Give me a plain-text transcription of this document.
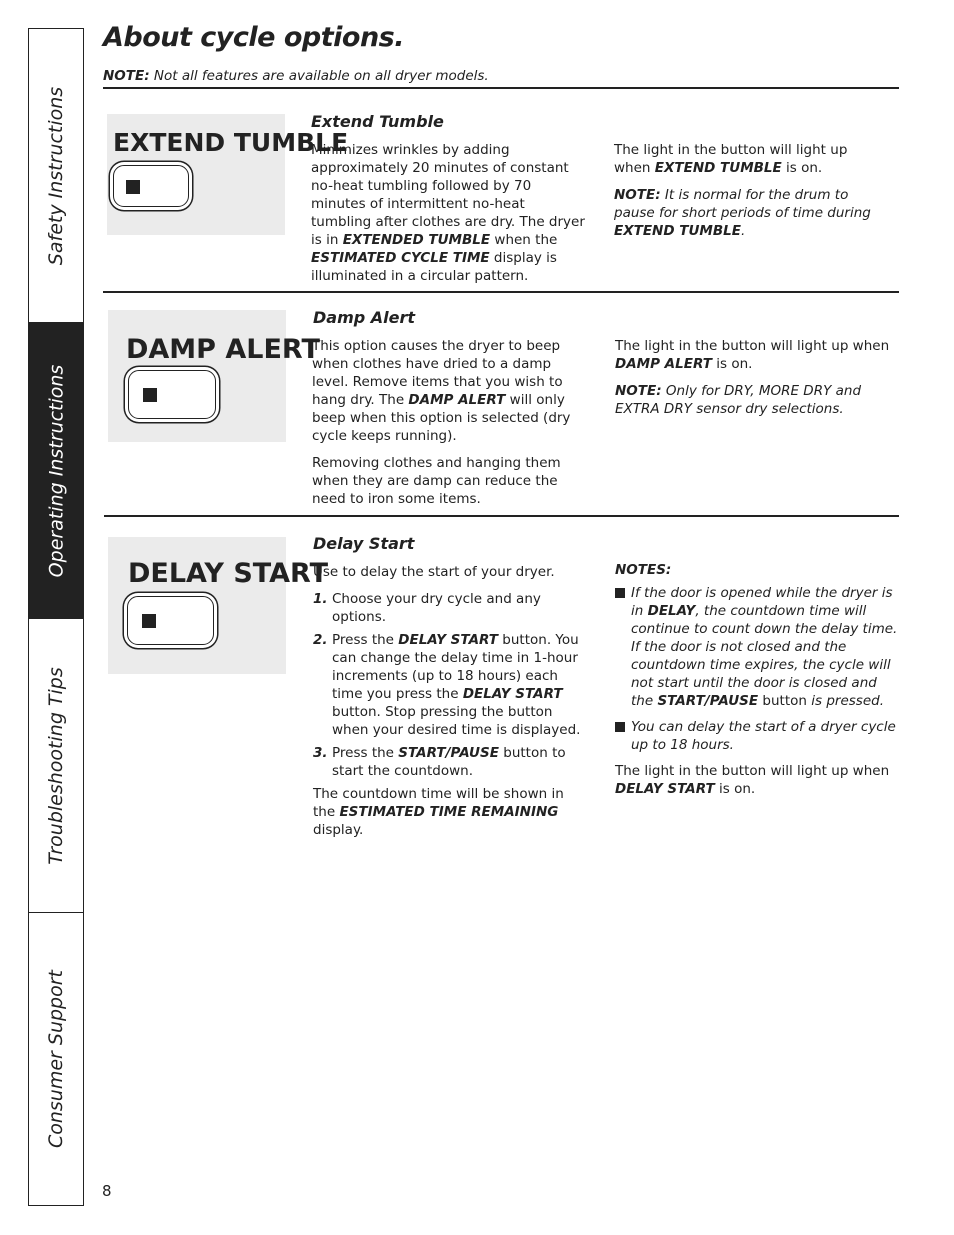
Safety Instructions
Operating Instructions
Troubleshooting Tips
Consumer Support
About cycle options.
NOTE: Not all features are available on all dryer models.
EXTEND TUMBLE
Extend Tumble

Minimizes wrinkles by adding approximately 20 minutes of constant no-heat tumbling followed by 70 minutes of intermittent no-heat tumbling after clothes are dry. The dryer is in EXTENDED TUMBLE when the ESTIMATED CYCLE TIME display is illuminated in a circular pattern.

The light in the button will light up when EXTEND TUMBLE is on.

NOTE: It is normal for the drum to pause for short periods of time during EXTEND TUMBLE.

DAMP ALERT
Damp Alert

This option causes the dryer to beep when clothes have dried to a damp level. Remove items that you wish to hang dry. The DAMP ALERT will only beep when this option is selected (dry cycle keeps running).

Removing clothes and hanging them when they are damp can reduce the need to iron some items.

The light in the button will light up when DAMP ALERT is on.

NOTE: Only for DRY, MORE DRY and EXTRA DRY sensor dry selections.

DELAY START
Delay Start

Use to delay the start of your dryer.

1. Choose your dry cycle and any options.
2. Press the DELAY START button. You can change the delay time in 1-hour increments (up to 18 hours) each time you press the DELAY START button. Stop pressing the button when your desired time is displayed.
3. Press the START/PAUSE button to start the countdown.

The countdown time will be shown in the ESTIMATED TIME REMAINING display.

NOTES:

If the door is opened while the dryer is in DELAY, the countdown time will continue to count down the delay time. If the door is not closed and the countdown time expires, the cycle will not start until the door is closed and the START/PAUSE button is pressed.
You can delay the start of a dryer cycle up to 18 hours.

The light in the button will light up when DELAY START is on.

8
